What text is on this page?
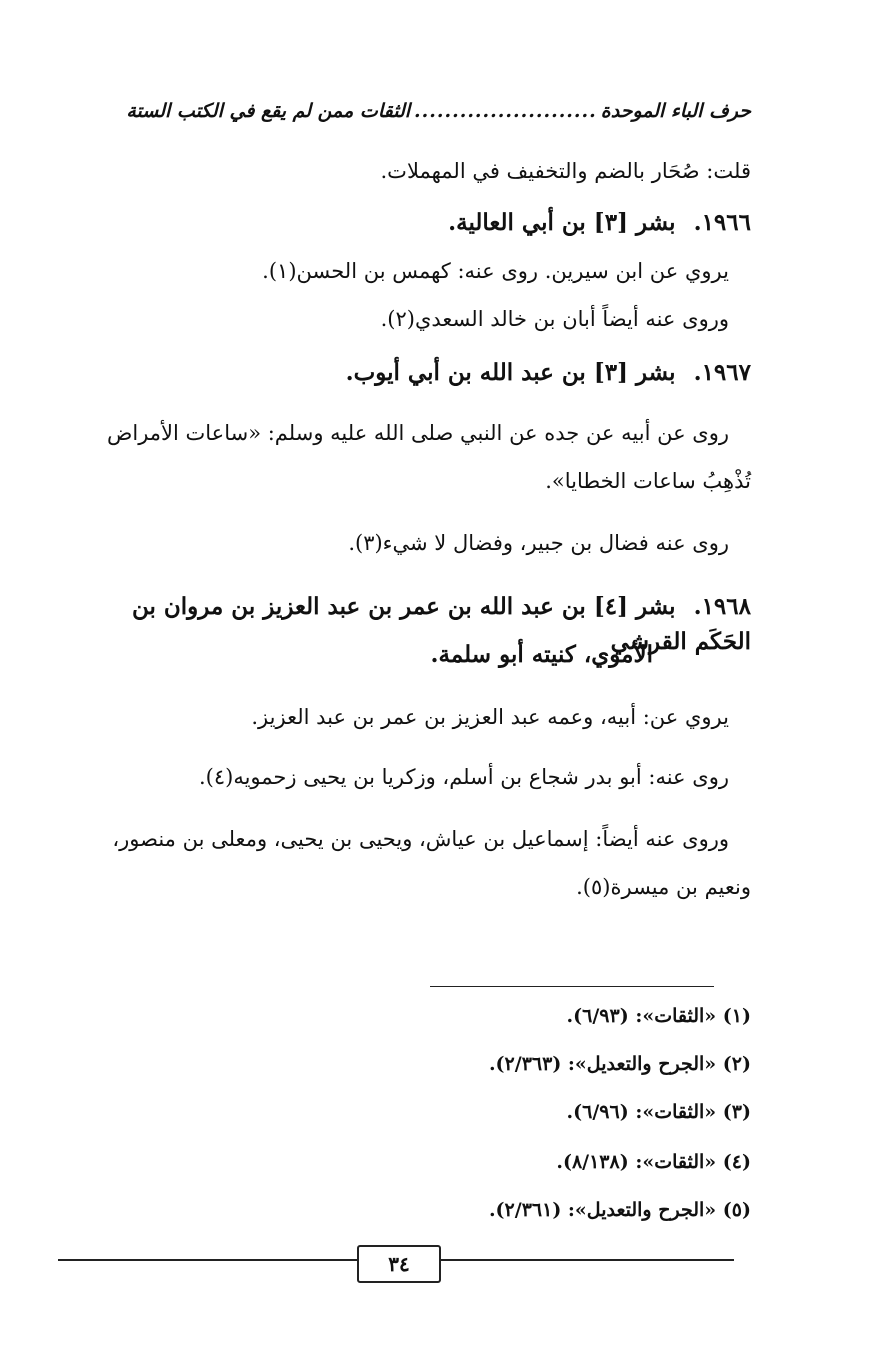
حرف الباء الموحدة
........................
الثقات ممن لم يقع في الكتب الستة
قلت: صُحَار بالضم والتخفيف في المهملات.
١٩٦٦.بشر [٣] بن أبي العالية.
يروي عن ابن سيرين. روى عنه: كهمس بن الحسن(١).
وروى عنه أيضاً أبان بن خالد السعدي(٢).
١٩٦٧.بشر [٣] بن عبد الله بن أبي أيوب.
روى عن أبيه عن جده عن النبي صلى الله عليه وسلم: «ساعات الأمراض
تُذْهِبُ ساعات الخطايا».
روى عنه فضال بن جبير، وفضال لا شيء(٣).
١٩٦٨.بشر [٤] بن عبد الله بن عمر بن عبد العزيز بن مروان بن الحَكَم القرشي
الأموي، كنيته أبو سلمة.
يروي عن: أبيه، وعمه عبد العزيز بن عمر بن عبد العزيز.
روى عنه: أبو بدر شجاع بن أسلم، وزكريا بن يحيى زحمويه(٤).
وروى عنه أيضاً: إسماعيل بن عياش، ويحيى بن يحيى، ومعلى بن منصور،
ونعيم بن ميسرة(٥).
(١) «الثقات»: (٦/٩٣).
(٢) «الجرح والتعديل»: (٢/٣٦٣).
(٣) «الثقات»: (٦/٩٦).
(٤) «الثقات»: (٨/١٣٨).
(٥) «الجرح والتعديل»: (٢/٣٦١).
٣٤
